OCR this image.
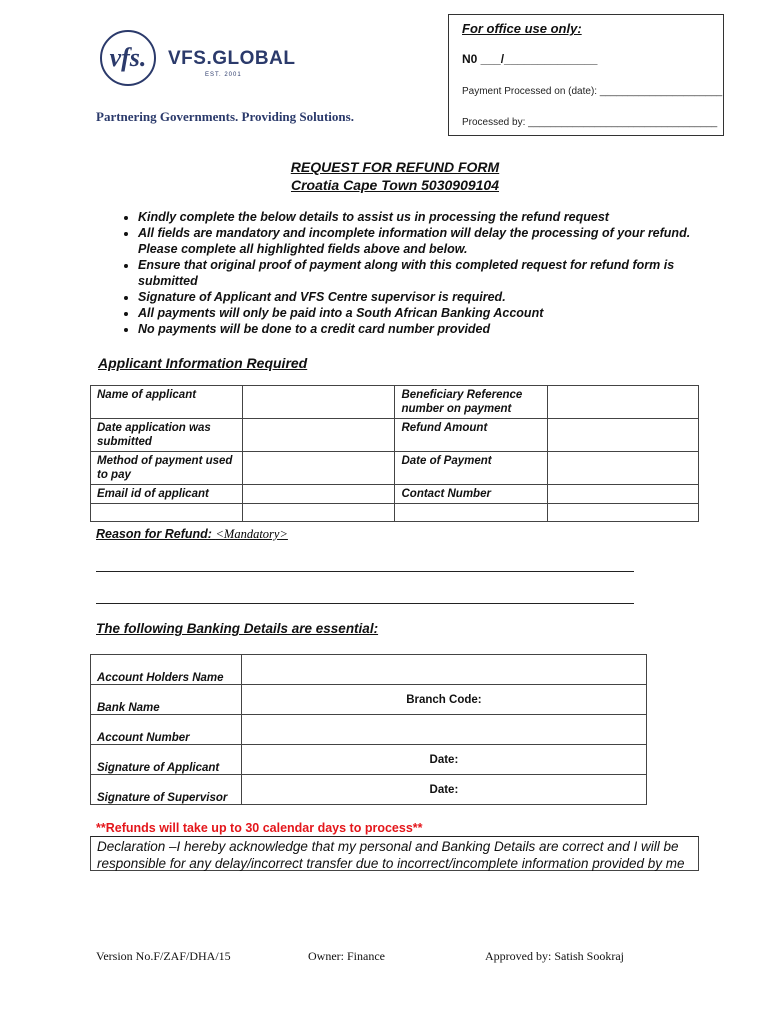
vfs.	VFS.GLOBAL
EST. 2001
Partnering Governments. Providing Solutions.
For office use only:
N0 ___/______________
Payment Processed on (date): ______________________
Processed by: __________________________________
REQUEST FOR REFUND FORM
Croatia Cape Town 5030909104
• Kindly complete the below details to assist us in processing the refund request
• All fields are mandatory and incomplete information will delay the processing of your refund. Please complete all highlighted fields above and below.
• Ensure that original proof of payment along with this completed request for refund form is submitted
• Signature of Applicant and VFS Centre supervisor is required.
• All payments will only be paid into a South African Banking Account
• No payments will be done to a credit card number provided
Applicant Information Required
Name of applicant		Beneficiary Reference number on payment	
Date application was submitted		Refund Amount	
Method of payment used to pay		Date of Payment	
Email id of applicant		Contact Number	

Reason for Refund: <Mandatory>
The following Banking Details are essential:
Account Holders Name	
Bank Name	Branch Code:
Account Number	
Signature of Applicant	Date:
Signature of Supervisor	Date:
**Refunds will take up to 30 calendar days to process**
Declaration –I hereby acknowledge that my personal and Banking Details are correct and I will be responsible for any delay/incorrect transfer due to incorrect/incomplete information provided by me
Version No.F/ZAF/DHA/15	Owner: Finance	Approved by: Satish Sookraj
